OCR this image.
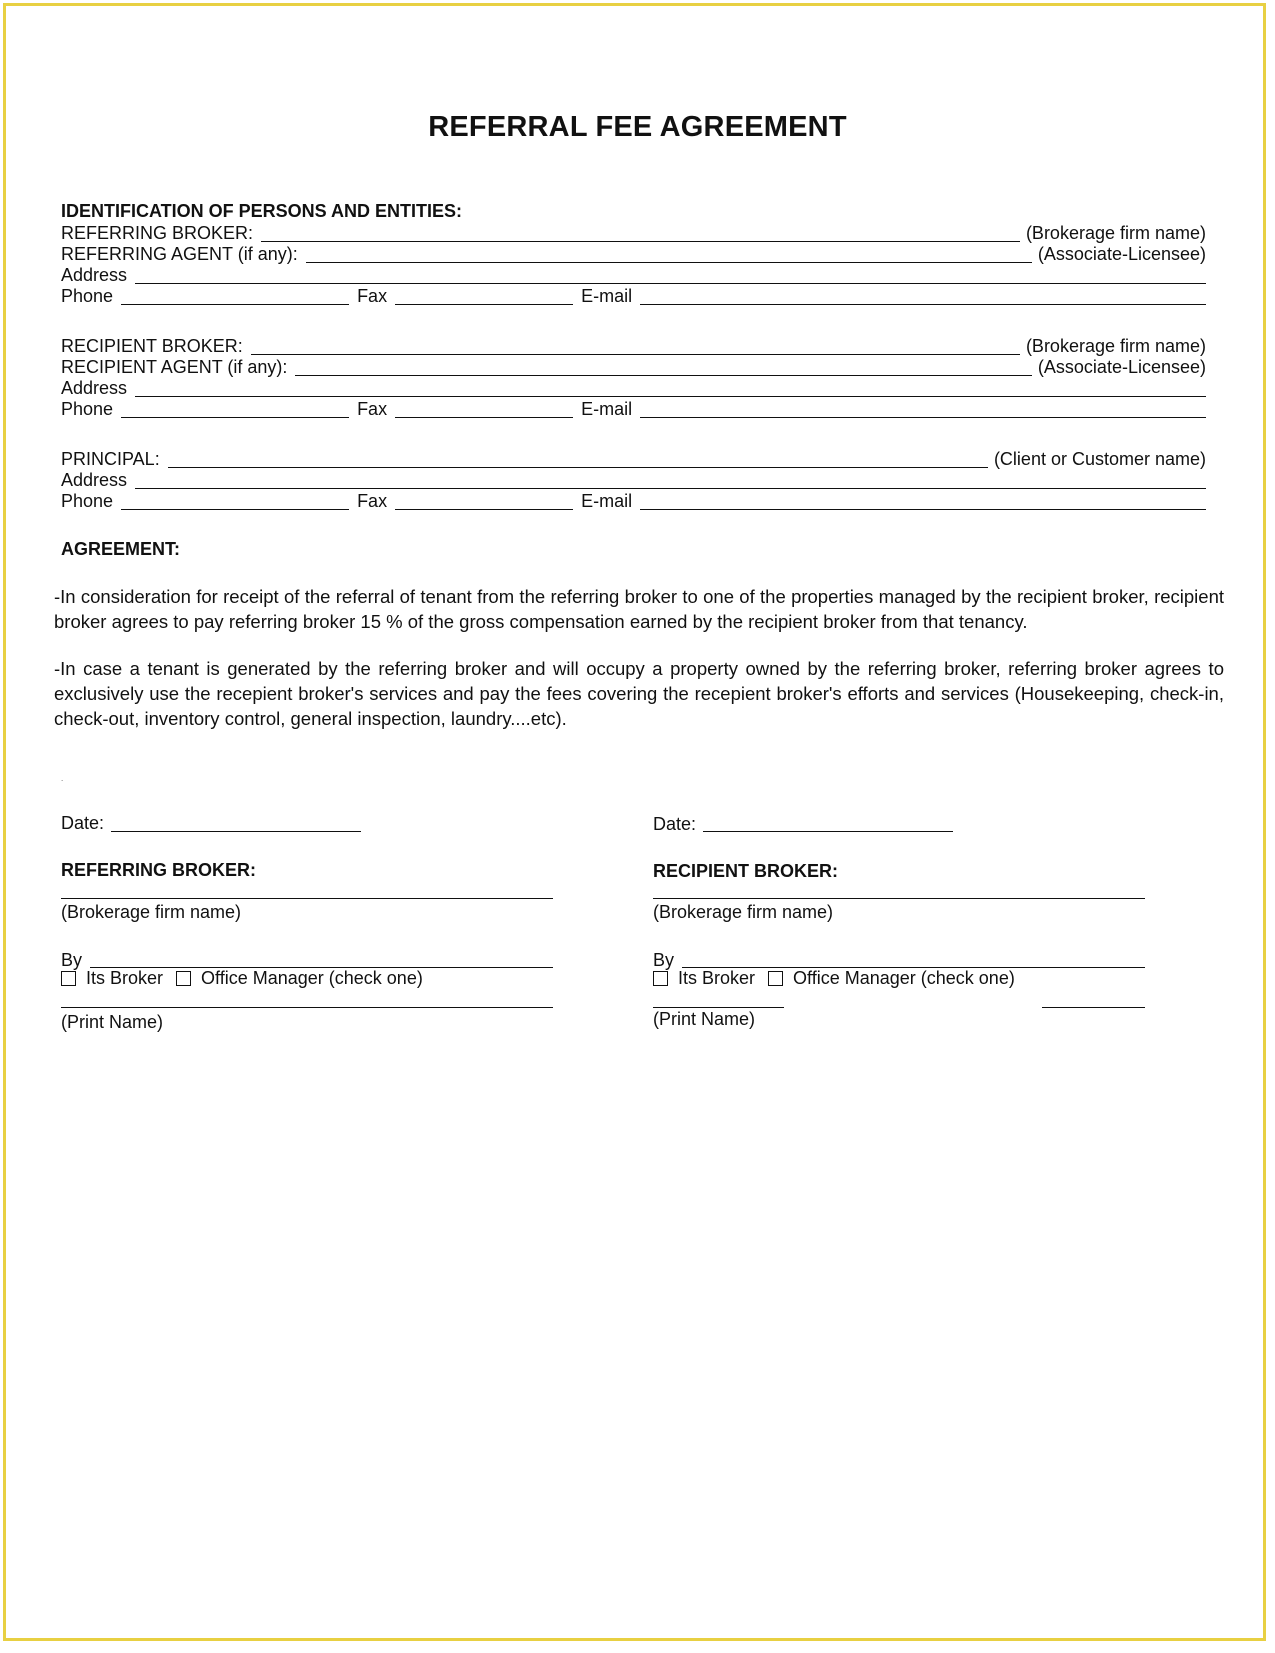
REFERRAL FEE AGREEMENT
IDENTIFICATION OF PERSONS AND ENTITIES:
REFERRING BROKER:	(Brokerage firm name)
REFERRING AGENT (if any):	(Associate-Licensee)
Address
Phone	Fax	E-mail
RECIPIENT BROKER:	(Brokerage firm name)
RECIPIENT AGENT (if any):	(Associate-Licensee)
Address
Phone	Fax	E-mail
PRINCIPAL:	(Client or Customer name)
Address
Phone	Fax	E-mail
AGREEMENT:
-In consideration for receipt of the referral of tenant from the referring broker to one of the properties managed by the recipient broker, recipient broker agrees to pay referring broker 15 % of the gross compensation earned by the recipient broker from that tenancy.
-In case a tenant is generated by the referring broker and will occupy a property owned by the referring broker, referring broker agrees to exclusively use the recepient broker's services and pay the fees covering the recepient broker's efforts and services (Housekeeping, check-in, check-out, inventory control, general inspection, laundry....etc).
.
Date:
REFERRING BROKER:
(Brokerage firm name)
By
Its Broker Office Manager (check one)
(Print Name)
Date:
RECIPIENT BROKER:
(Brokerage firm name)
By
Its Broker Office Manager (check one)
(Print Name)
